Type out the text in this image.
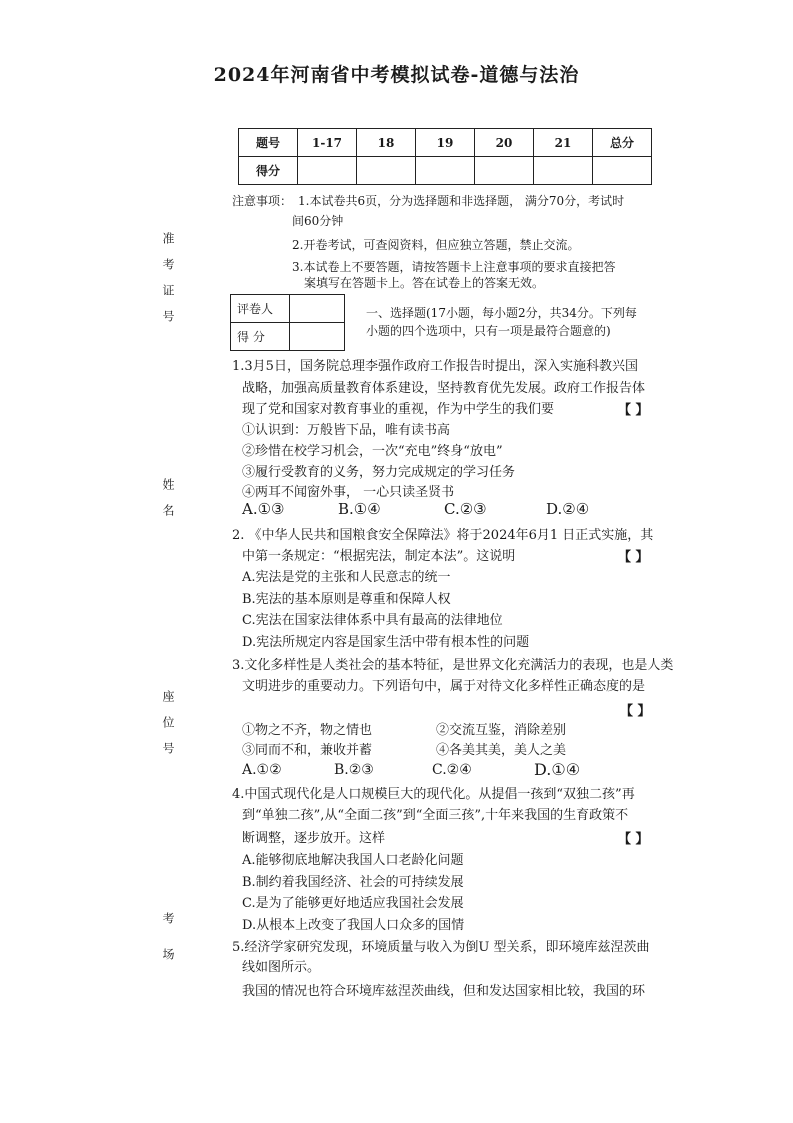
2024年河南省中考模拟试卷-道德与法治
题号	1-17	18	19	20	21	总分
得分						
注意事项： 1.本试卷共6页，分为选择题和非选择题， 满分70分，考试时
间60分钟
2.开卷考试，可查阅资料，但应独立答题，禁止交流。
3.本试卷上不要答题，请按答题卡上注意事项的要求直接把答
案填写在答题卡上。答在试卷上的答案无效。
准考证号
姓名
座位号
考场
评卷人	
得 分	
一、选择题(17小题，每小题2分，共34分。下列每
小题的四个选项中，只有一项是最符合题意的)
1.3月5日，国务院总理李强作政府工作报告时提出，深入实施科教兴国
战略，加强高质量教育体系建设，坚持教育优先发展。政府工作报告体
现了党和国家对教育事业的重视，作为中学生的我们要	【 】
①认识到：万般皆下品，唯有读书高
②珍惜在校学习机会，一次“充电”终身“放电”
③履行受教育的义务，努力完成规定的学习任务
④两耳不闻窗外事， 一心只读圣贤书
A.①③	B.①④	C.②③	D.②④
2. 《中华人民共和国粮食安全保障法》将于2024年6月1 日正式实施，其
中第一条规定：“根据宪法，制定本法”。这说明	【 】
A.宪法是党的主张和人民意志的统一
B.宪法的基本原则是尊重和保障人权
C.宪法在国家法律体系中具有最高的法律地位
D.宪法所规定内容是国家生活中带有根本性的问题
3.文化多样性是人类社会的基本特征，是世界文化充满活力的表现，也是人类
文明进步的重要动力。下列语句中，属于对待文化多样性正确态度的是
【 】
①物之不齐，物之情也	②交流互鉴，消除差别
③同而不和，兼收并蓄	④各美其美，美人之美
A.①②	B.②③	C.②④	D.①④
4.中国式现代化是人口规模巨大的现代化。从提倡一孩到“双独二孩”再
到“单独二孩”,从“全面二孩”到“全面三孩”,十年来我国的生育政策不
断调整，逐步放开。这样	【 】
A.能够彻底地解决我国人口老龄化问题
B.制约着我国经济、社会的可持续发展
C.是为了能够更好地适应我国社会发展
D.从根本上改变了我国人口众多的国情
5.经济学家研究发现，环境质量与收入为倒U 型关系，即环境库兹涅茨曲
线如图所示。
我国的情况也符合环境库兹涅茨曲线，但和发达国家相比较，我国的环
